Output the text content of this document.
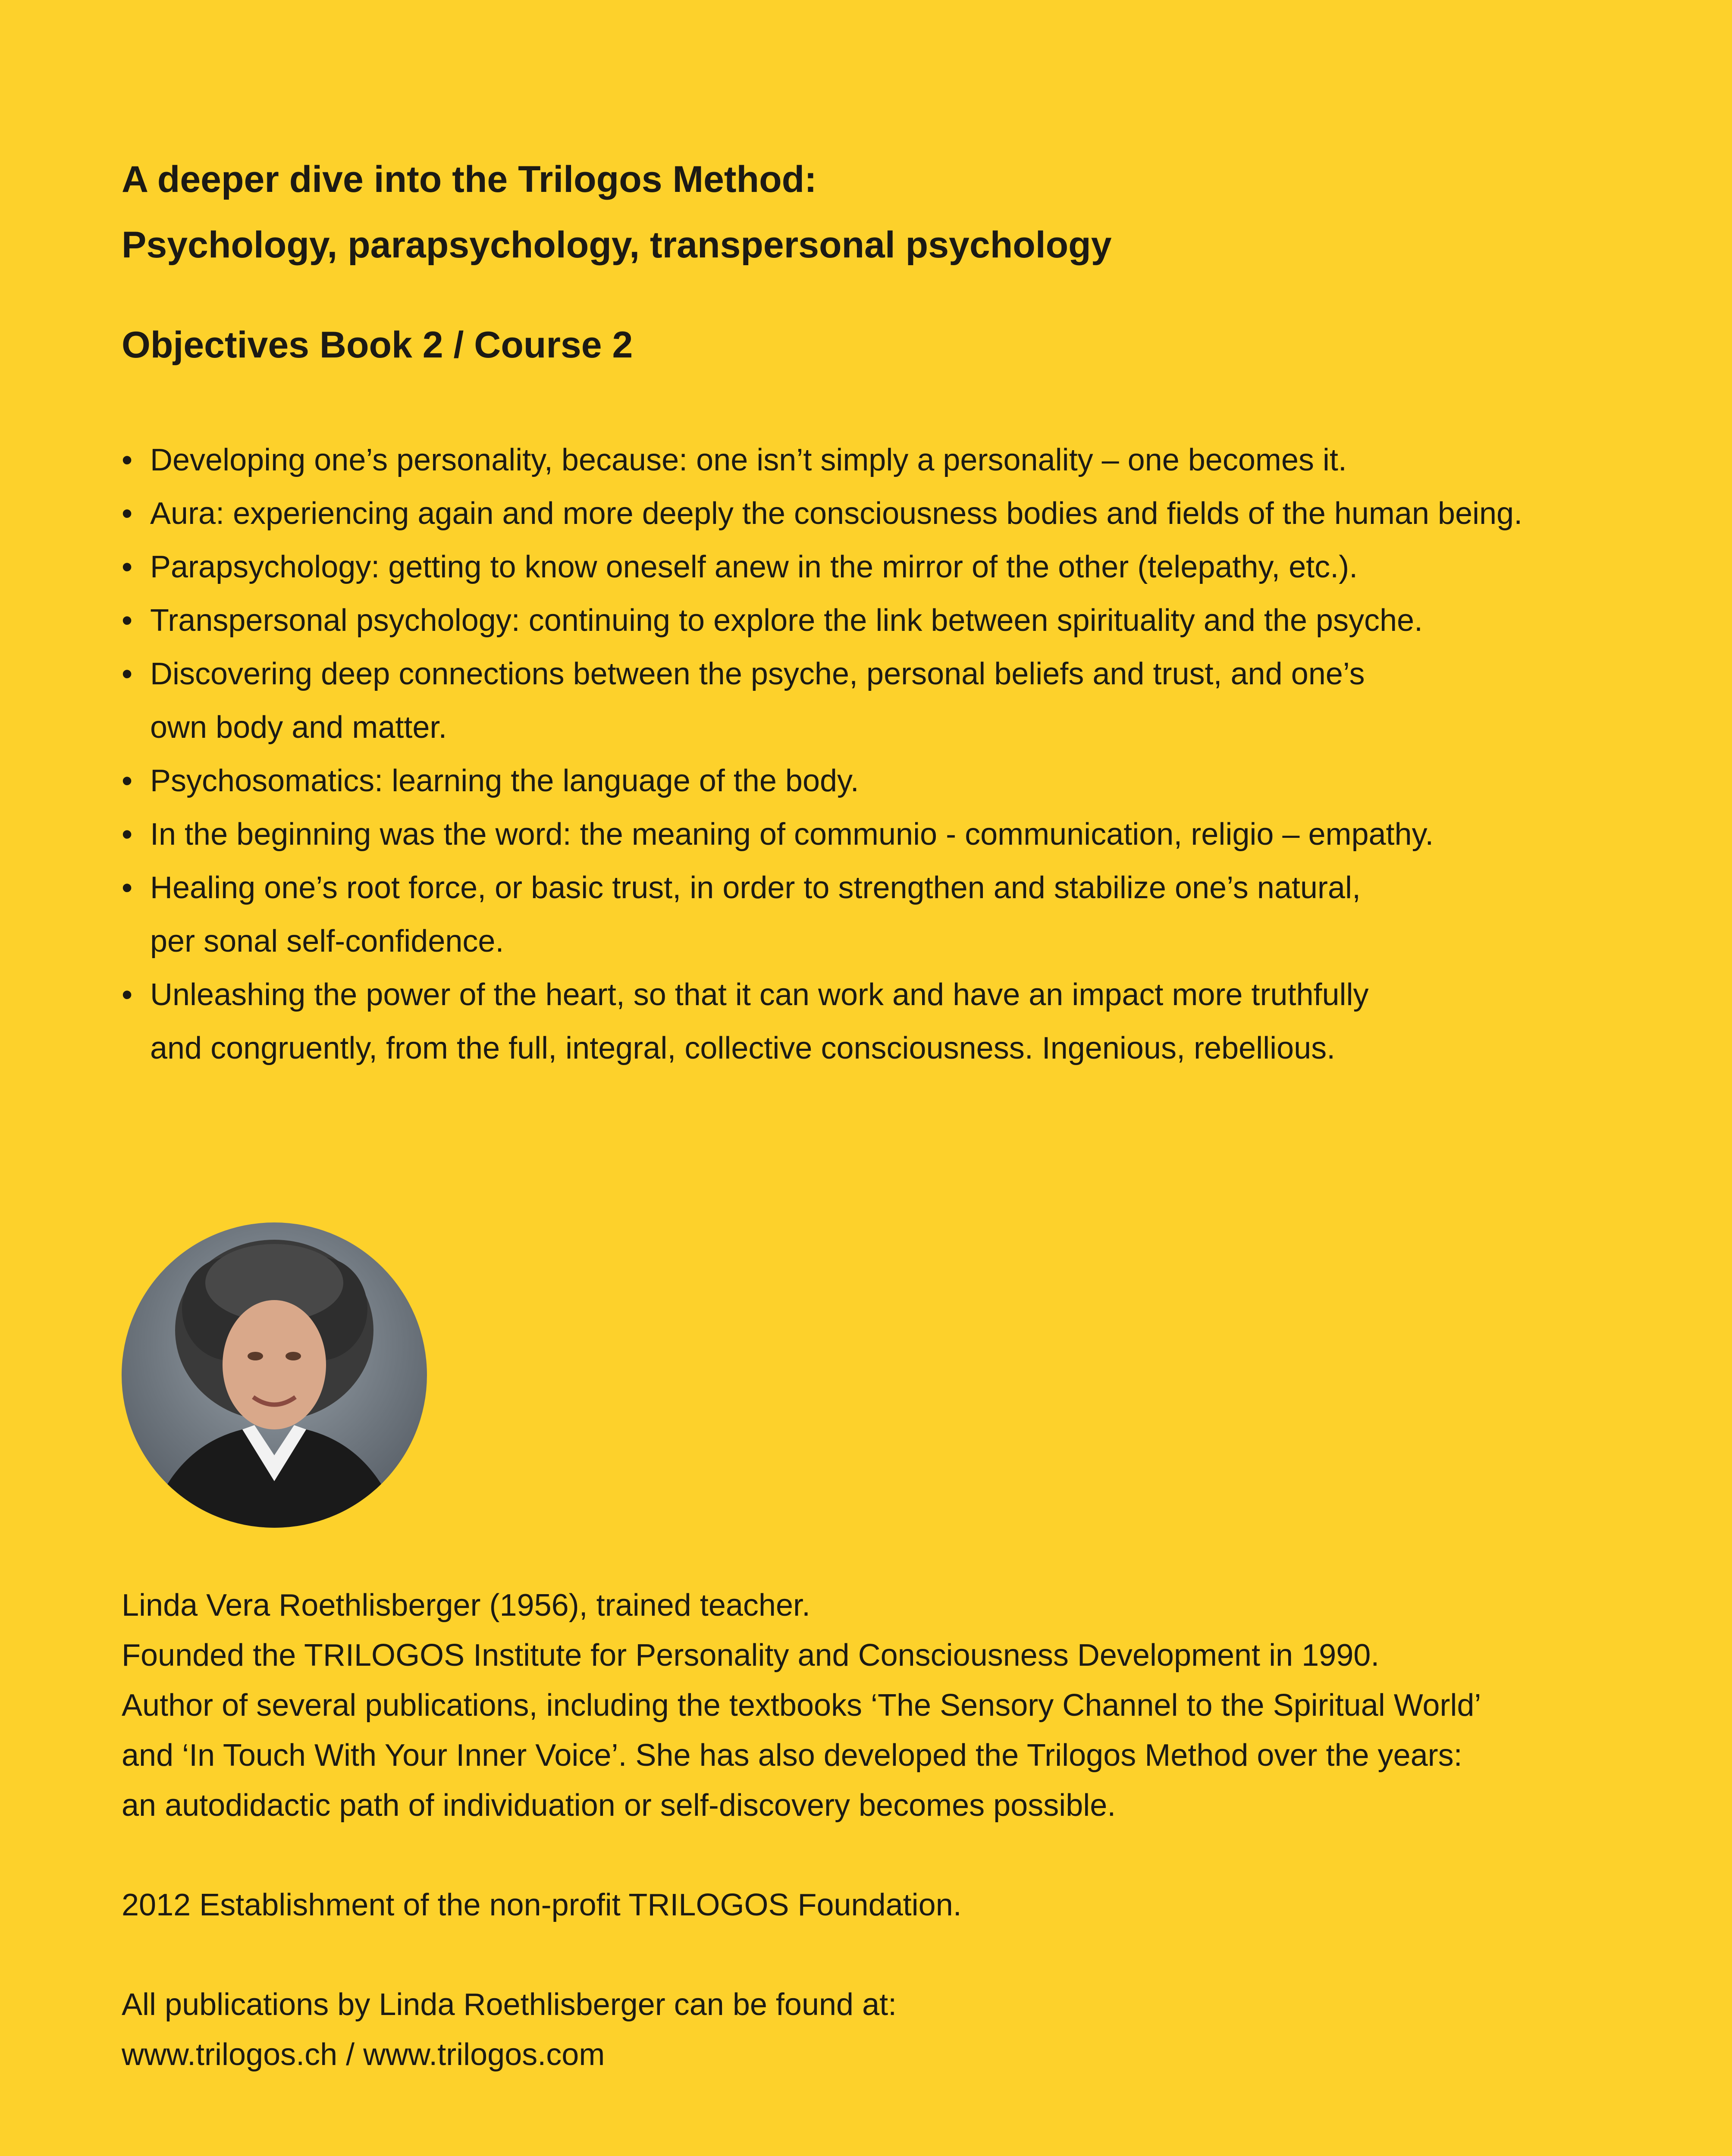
A deeper dive into the Trilogos Method:
Psychology, parapsychology, transpersonal psychology
Objectives Book 2 / Course 2
• Developing one’s personality, because: one isn’t simply a personality – one becomes it.
• Aura: experiencing again and more deeply the consciousness bodies and fields of the human being.
• Parapsychology: getting to know oneself anew in the mirror of the other (telepathy, etc.).
• Transpersonal psychology: continuing to explore the link between spirituality and the psyche.
• Discovering deep connections between the psyche, personal beliefs and trust, and one’s
own body and matter.
• Psychosomatics: learning the language of the body.
• In the beginning was the word: the meaning of communio - communication, religio – empathy.
• Healing one’s root force, or basic trust, in order to strengthen and stabilize one’s natural,
per sonal self-confidence.
• Unleashing the power of the heart, so that it can work and have an impact more truthfully
and congruently, from the full, integral, collective consciousness. Ingenious, rebellious.

Linda Vera Roethlisberger (1956), trained teacher.

Founded the TRILOGOS Institute for Personality and Consciousness Development in 1990.

Author of several publications, including the textbooks ‘The Sensory Channel to the Spiritual World’

and ‘In Touch With Your Inner Voice’. She has also developed the Trilogos Method over the years:

an autodidactic path of individuation or self-discovery becomes possible.

2012 Establishment of the non-profit TRILOGOS Foundation.

All publications by Linda Roethlisberger can be found at:

www.trilogos.ch / www.trilogos.com
